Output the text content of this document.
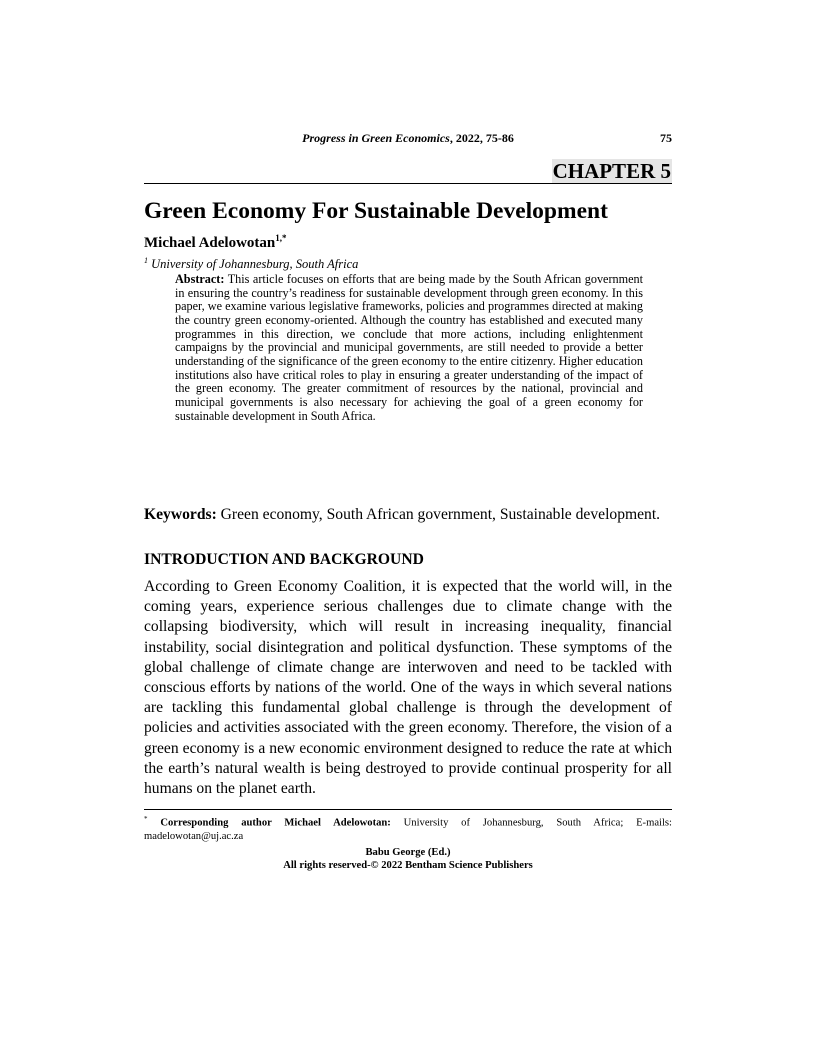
Progress in Green Economics, 2022, 75-86	75
CHAPTER 5
Green Economy For Sustainable Development
Michael Adelowotan$^{1,*}$
$^1$ University of Johannesburg, South Africa

Abstract: This article focuses on efforts that are being made by the South African government in ensuring the country’s readiness for sustainable development through green economy. In this paper, we examine various legislative frameworks, policies and programmes directed at making the country green economy-oriented. Although the country has established and executed many programmes in this direction, we conclude that more actions, including enlightenment campaigns by the provincial and municipal governments, are still needed to provide a better understanding of the significance of the green economy to the entire citizenry. Higher education institutions also have critical roles to play in ensuring a greater understanding of the impact of the green economy. The greater commitment of resources by the national, provincial and municipal governments is also necessary for achieving the goal of a green economy for sustainable development in South Africa.

Keywords: Green economy, South African government, Sustainable development.

INTRODUCTION AND BACKGROUND

According to Green Economy Coalition, it is expected that the world will, in the coming years, experience serious challenges due to climate change with the collapsing biodiversity, which will result in increasing inequality, financial instability, social disintegration and political dysfunction. These symptoms of the global challenge of climate change are interwoven and need to be tackled with conscious efforts by nations of the world. One of the ways in which several nations are tackling this fundamental global challenge is through the development of policies and activities associated with the green economy. Therefore, the vision of a green economy is a new economic environment designed to reduce the rate at which the earth’s natural wealth is being destroyed to provide continual prosperity for all humans on the planet earth.

* Corresponding author Michael Adelowotan: University of Johannesburg, South Africa; E-mails: madelowotan@uj.ac.za

Babu George (Ed.)
All rights reserved-© 2022 Bentham Science Publishers
